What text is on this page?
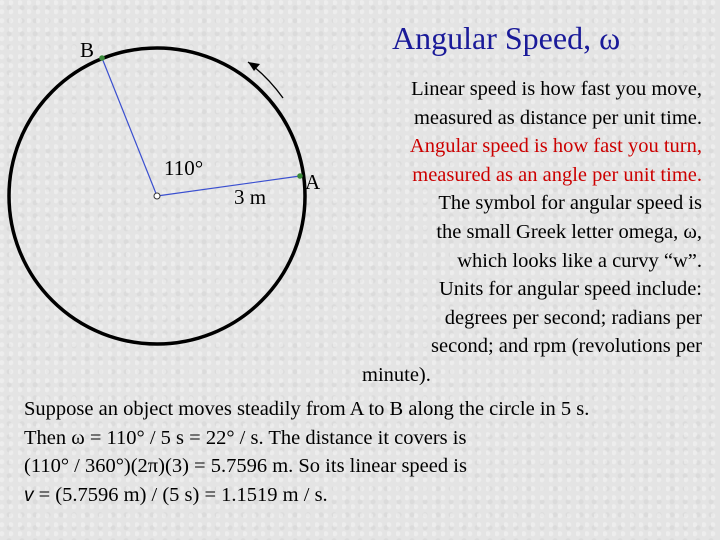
Angular Speed, ω
B
A
110°
3 m
Linear speed is how fast you move,
measured as distance per unit time.
Angular speed is how fast you turn,
measured as an angle per unit time.
The symbol for angular speed is
the small Greek letter omega, ω,
which looks like a curvy “w”.
Units for angular speed include:
degrees per second; radians per
second; and rpm (revolutions per
minute).
Suppose an object moves steadily from A to B along the circle in 5 s.
Then ω = 110° / 5 s = 22° / s. The distance it covers is
(110° / 360°)(2π)(3) = 5.7596 m. So its linear speed is
v = (5.7596 m) / (5 s) = 1.1519 m / s.
